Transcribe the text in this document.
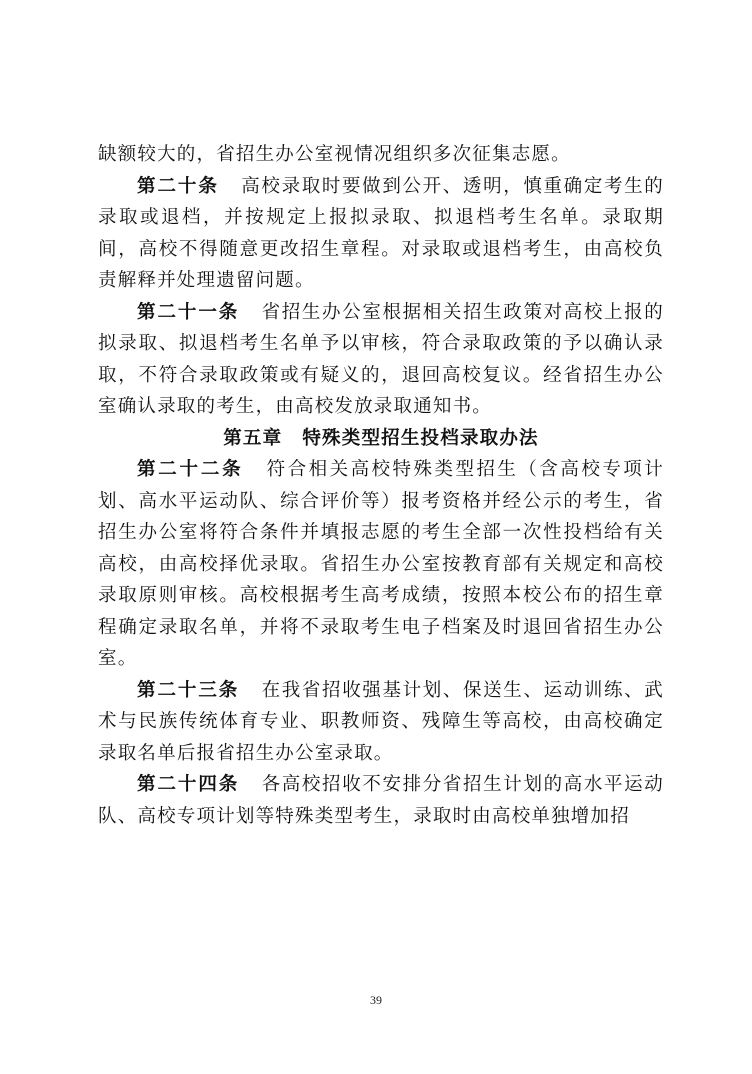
缺额较大的，省招生办公室视情况组织多次征集志愿。

第二十条 高校录取时要做到公开、透明，慎重确定考生的录取或退档，并按规定上报拟录取、拟退档考生名单。录取期间，高校不得随意更改招生章程。对录取或退档考生，由高校负责解释并处理遗留问题。

第二十一条 省招生办公室根据相关招生政策对高校上报的拟录取、拟退档考生名单予以审核，符合录取政策的予以确认录取，不符合录取政策或有疑义的，退回高校复议。经省招生办公室确认录取的考生，由高校发放录取通知书。

第五章 特殊类型招生投档录取办法

第二十二条 符合相关高校特殊类型招生（含高校专项计划、高水平运动队、综合评价等）报考资格并经公示的考生，省招生办公室将符合条件并填报志愿的考生全部一次性投档给有关高校，由高校择优录取。省招生办公室按教育部有关规定和高校录取原则审核。高校根据考生高考成绩，按照本校公布的招生章程确定录取名单，并将不录取考生电子档案及时退回省招生办公室。

第二十三条 在我省招收强基计划、保送生、运动训练、武术与民族传统体育专业、职教师资、残障生等高校，由高校确定录取名单后报省招生办公室录取。

第二十四条 各高校招收不安排分省招生计划的高水平运动队、高校专项计划等特殊类型考生，录取时由高校单独增加招

39
